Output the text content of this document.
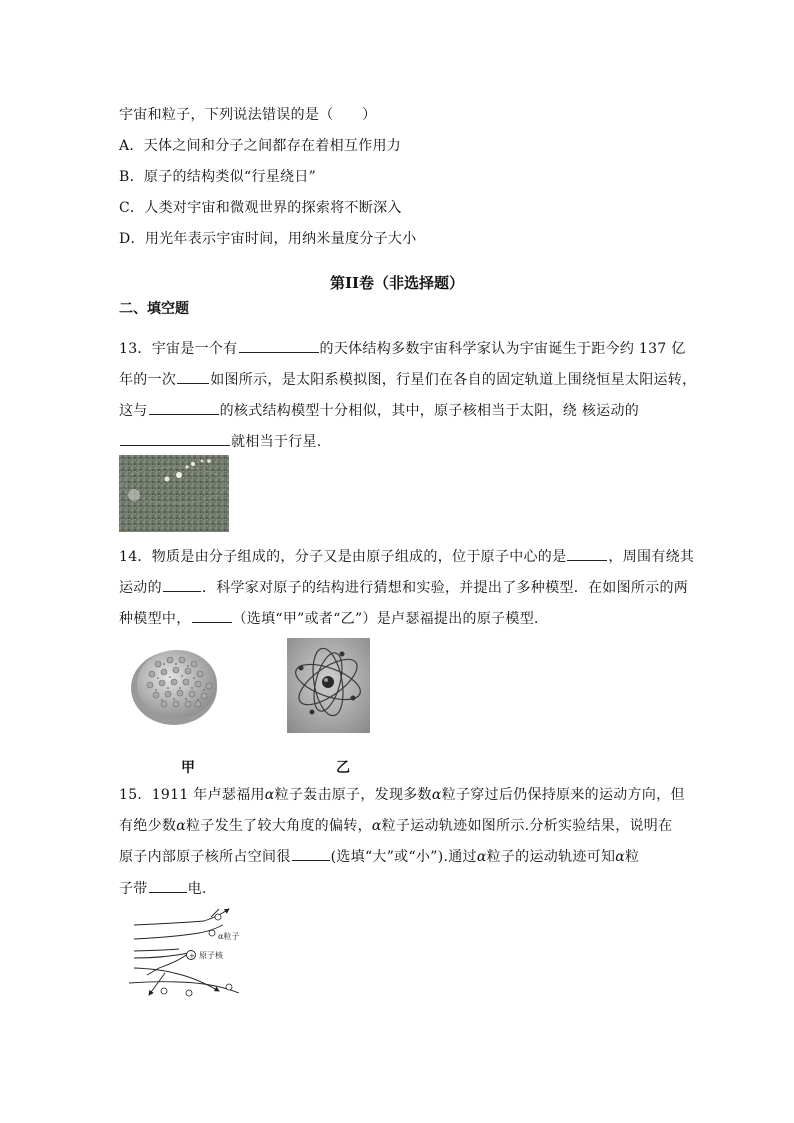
宇宙和粒子，下列说法错误的是（　　）
A．天体之间和分子之间都存在着相互作用力
B．原子的结构类似“行星绕日”
C．人类对宇宙和微观世界的探索将不断深入
D．用光年表示宇宙时间，用纳米量度分子大小
第II卷（非选择题）
二、填空题
13．宇宙是一个有	的天体结构多数宇宙科学家认为宇宙诞生于距今约 137 亿
年的一次 如图所示，是太阳系模拟图，行星们在各自的固定轨道上围绕恒星太阳运转，
这与	的核式结构模型十分相似，其中，原子核相当于太阳，绕 核运动的
就相当于行星.
14．物质是由分子组成的，分子又是由原子组成的，位于原子中心的是	，周围有绕其
运动的	．科学家对原子的结构进行猜想和实验，并提出了多种模型．在如图所示的两
种模型中，	（选填“甲”或者“乙”）是卢瑟福提出的原子模型．
甲	乙
15．1911 年卢瑟福用α粒子轰击原子，发现多数α粒子穿过后仍保持原来的运动方向，但
有绝少数α粒子发生了较大角度的偏转，α粒子运动轨迹如图所示.分析实验结果，说明在
原子内部原子核所占空间很	(选填“大”或“小”).通过α粒子的运动轨迹可知α粒
子带	电.
+
α粒子
原子核
